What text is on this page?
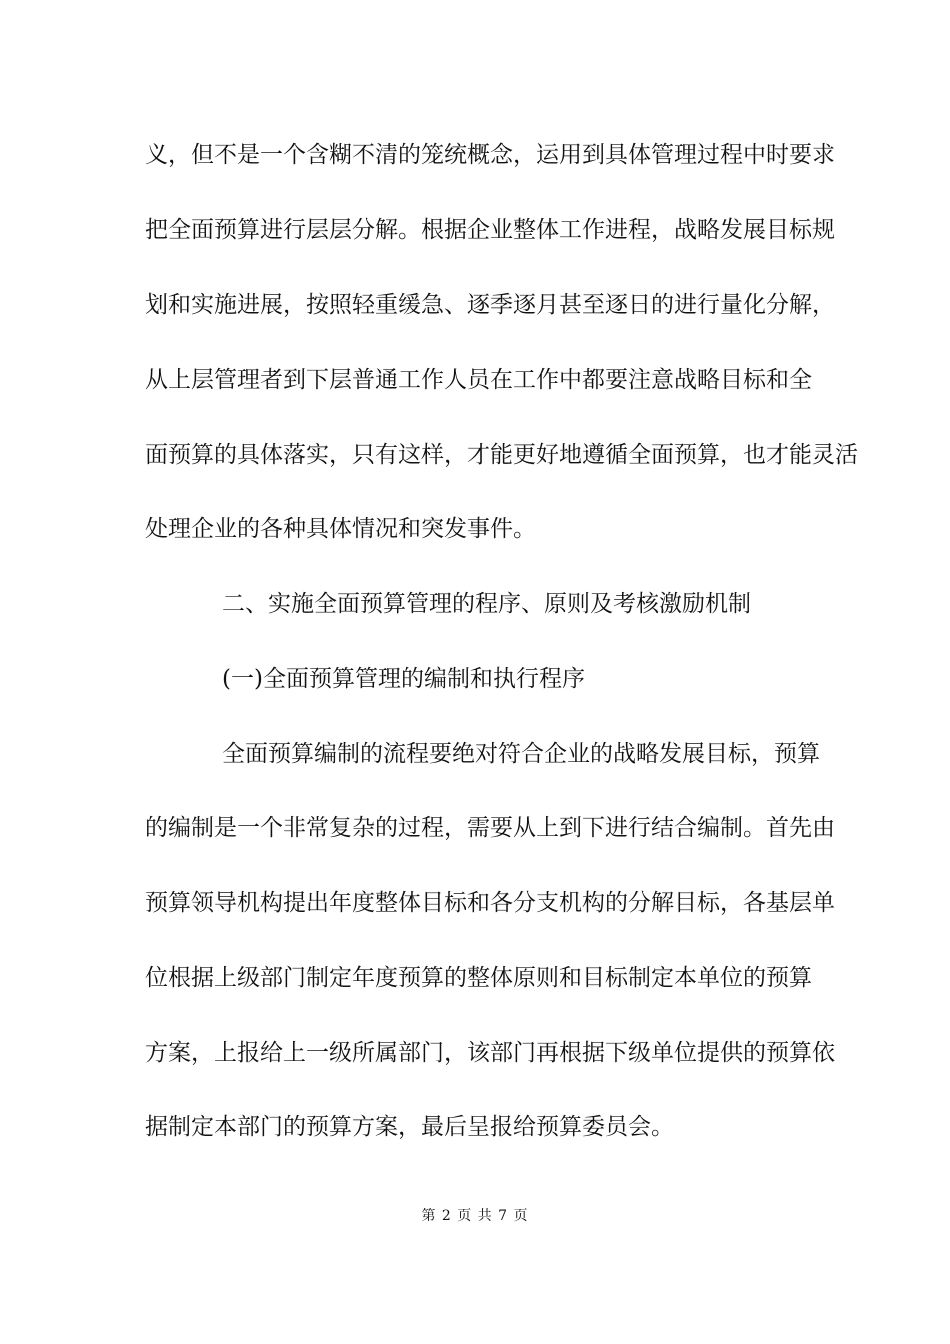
义，但不是一个含糊不清的笼统概念，运用到具体管理过程中时要求
把全面预算进行层层分解。根据企业整体工作进程，战略发展目标规
划和实施进展，按照轻重缓急、逐季逐月甚至逐日的进行量化分解，
从上层管理者到下层普通工作人员在工作中都要注意战略目标和全
面预算的具体落实，只有这样，才能更好地遵循全面预算，也才能灵活
处理企业的各种具体情况和突发事件。
二、实施全面预算管理的程序、原则及考核激励机制
(一)全面预算管理的编制和执行程序
全面预算编制的流程要绝对符合企业的战略发展目标，预算
的编制是一个非常复杂的过程，需要从上到下进行结合编制。首先由
预算领导机构提出年度整体目标和各分支机构的分解目标，各基层单
位根据上级部门制定年度预算的整体原则和目标制定本单位的预算
方案，上报给上一级所属部门，该部门再根据下级单位提供的预算依
据制定本部门的预算方案，最后呈报给预算委员会。
第 2 页 共 7 页
